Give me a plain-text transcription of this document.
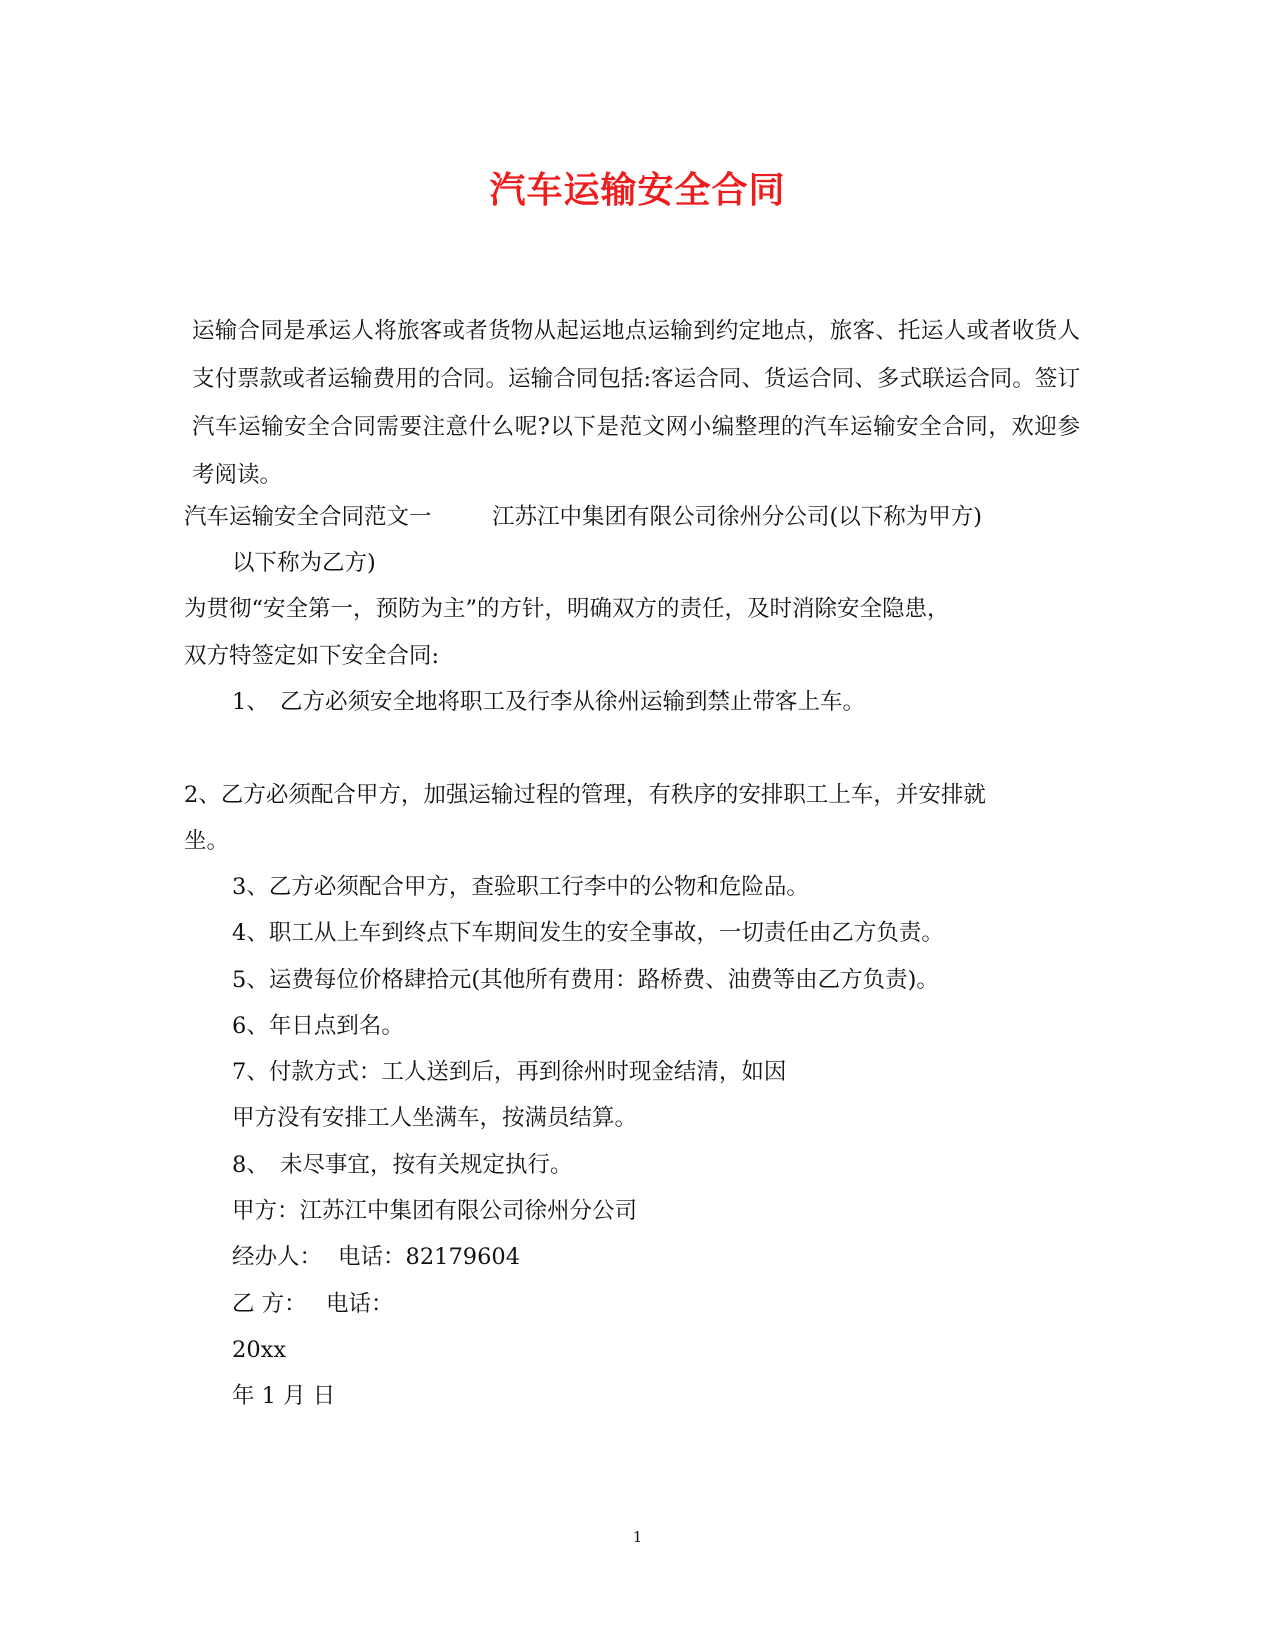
汽车运输安全合同
运输合同是承运人将旅客或者货物从起运地点运输到约定地点，旅客、托运人或者收货人支付票款或者运输费用的合同。运输合同包括:客运合同、货运合同、多式联运合同。签订汽车运输安全合同需要注意什么呢?以下是范文网小编整理的汽车运输安全合同，欢迎参考阅读。
汽车运输安全合同范文一	江苏江中集团有限公司徐州分公司(以下称为甲方)
以下称为乙方)
为贯彻“安全第一，预防为主”的方针，明确双方的责任，及时消除安全隐患，
双方特签定如下安全合同:
1、 乙方必须安全地将职工及行李从徐州运输到禁止带客上车。
2、乙方必须配合甲方，加强运输过程的管理，有秩序的安排职工上车，并安排就
坐。
3、乙方必须配合甲方，查验职工行李中的公物和危险品。
4、职工从上车到终点下车期间发生的安全事故，一切责任由乙方负责。
5、运费每位价格肆拾元(其他所有费用：路桥费、油费等由乙方负责)。
6、年日点到名。
7、付款方式：工人送到后，再到徐州时现金结清，如因
甲方没有安排工人坐满车，按满员结算。
8、 未尽事宜，按有关规定执行。
甲方：江苏江中集团有限公司徐州分公司
经办人： 电话：82179604
乙 方： 电话：
20xx
年 1 月 日
1
